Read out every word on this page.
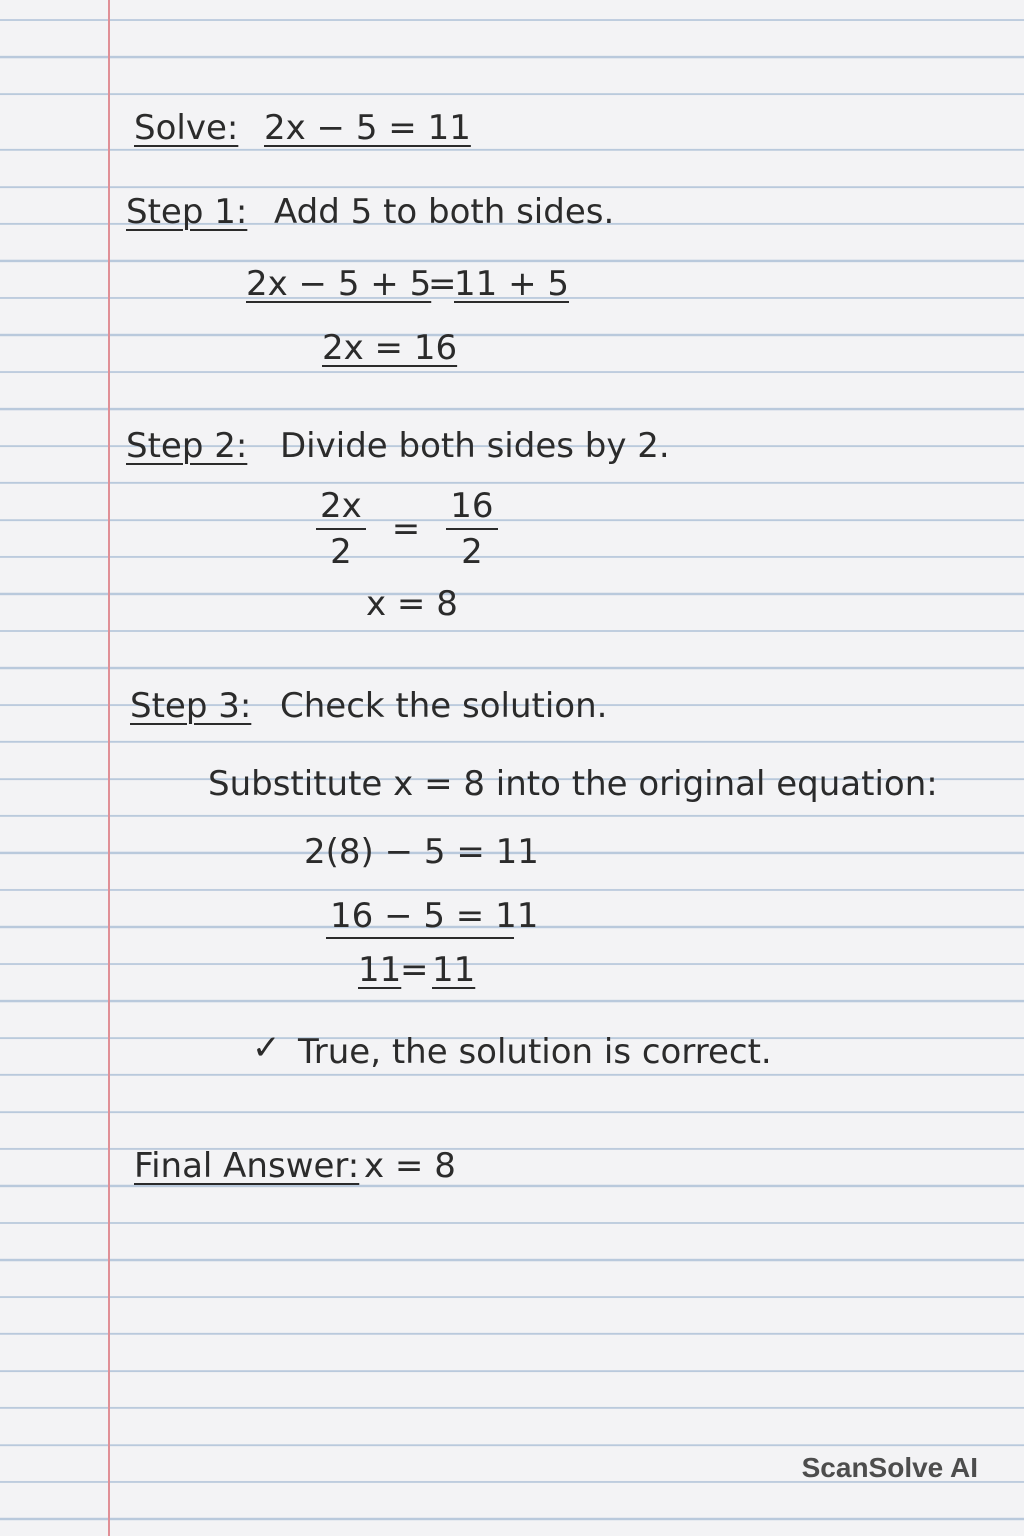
Solve: 2x − 5 = 11
Step 1: Add 5 to both sides.
2x − 5 + 5
=
11 + 5
2x = 16
Step 2: Divide both sides by 2.
$\frac{2x}{2} = \frac{16}{2}$
x = 8
Step 3: Check the solution.
Substitute x = 8 into the original equation:
2(8) − 5 = 11
16 − 5 = 11
11
= 11
✓ True, the solution is correct.
Final Answer: x = 8
ScanSolve AI
